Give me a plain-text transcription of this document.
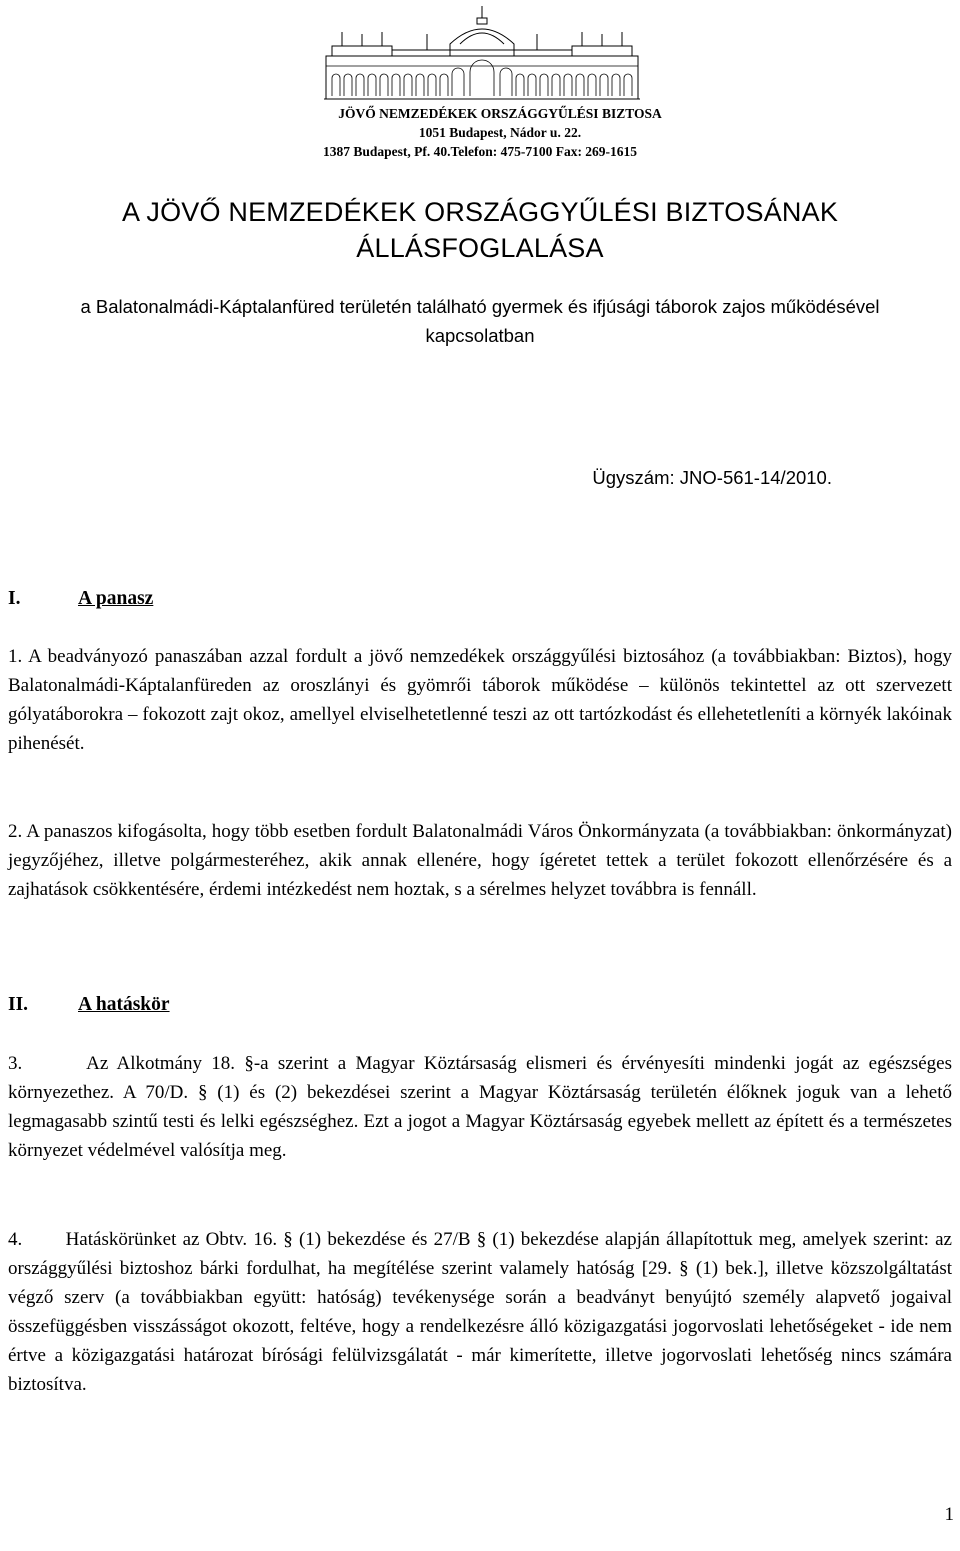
JÖVŐ NEMZEDÉKEK ORSZÁGGYŰLÉSI BIZTOSA
1051 Budapest, Nádor u. 22.
1387 Budapest, Pf. 40.Telefon: 475-7100 Fax: 269-1615
A JÖVŐ NEMZEDÉKEK ORSZÁGGYŰLÉSI BIZTOSÁNAK
ÁLLÁSFOGLALÁSA
a Balatonalmádi-Káptalanfüred területén található gyermek és ifjúsági táborok zajos működésével kapcsolatban
Ügyszám: JNO-561-14/2010.
I.	A panasz
1. A beadványozó panaszában azzal fordult a jövő nemzedékek országgyűlési biztosához (a továbbiakban: Biztos), hogy Balatonalmádi-Káptalanfüreden az oroszlányi és gyömrői táborok működése – különös tekintettel az ott szervezett gólyatáborokra – fokozott zajt okoz, amellyel elviselhetetlenné teszi az ott tartózkodást és ellehetetleníti a környék lakóinak pihenését.
2. A panaszos kifogásolta, hogy több esetben fordult Balatonalmádi Város Önkormányzata (a továbbiakban: önkormányzat) jegyzőjéhez, illetve polgármesteréhez, akik annak ellenére, hogy ígéretet tettek a terület fokozott ellenőrzésére és a zajhatások csökkentésére, érdemi intézkedést nem hoztak, s a sérelmes helyzet továbbra is fennáll.
II.	A hatáskör
3.       Az Alkotmány 18. §-a szerint a Magyar Köztársaság elismeri és érvényesíti mindenki jogát az egészséges környezethez. A 70/D. § (1) és (2) bekezdései szerint a Magyar Köztársaság területén élőknek joguk van a lehető legmagasabb szintű testi és lelki egészséghez. Ezt a jogot a Magyar Köztársaság egyebek mellett az épített és a természetes környezet védelmével valósítja meg.
4.       Hatáskörünket az Obtv. 16. § (1) bekezdése és 27/B § (1) bekezdése alapján állapítottuk meg, amelyek szerint: az országgyűlési biztoshoz bárki fordulhat, ha megítélése szerint valamely hatóság [29. § (1) bek.], illetve közszolgáltatást végző szerv (a továbbiakban együtt: hatóság) tevékenysége során a beadványt benyújtó személy alapvető jogaival összefüggésben visszásságot okozott, feltéve, hogy a rendelkezésre álló közigazgatási jogorvoslati lehetőségeket - ide nem értve a közigazgatási határozat bírósági felülvizsgálatát - már kimerítette, illetve jogorvoslati lehetőség nincs számára biztosítva.
1
